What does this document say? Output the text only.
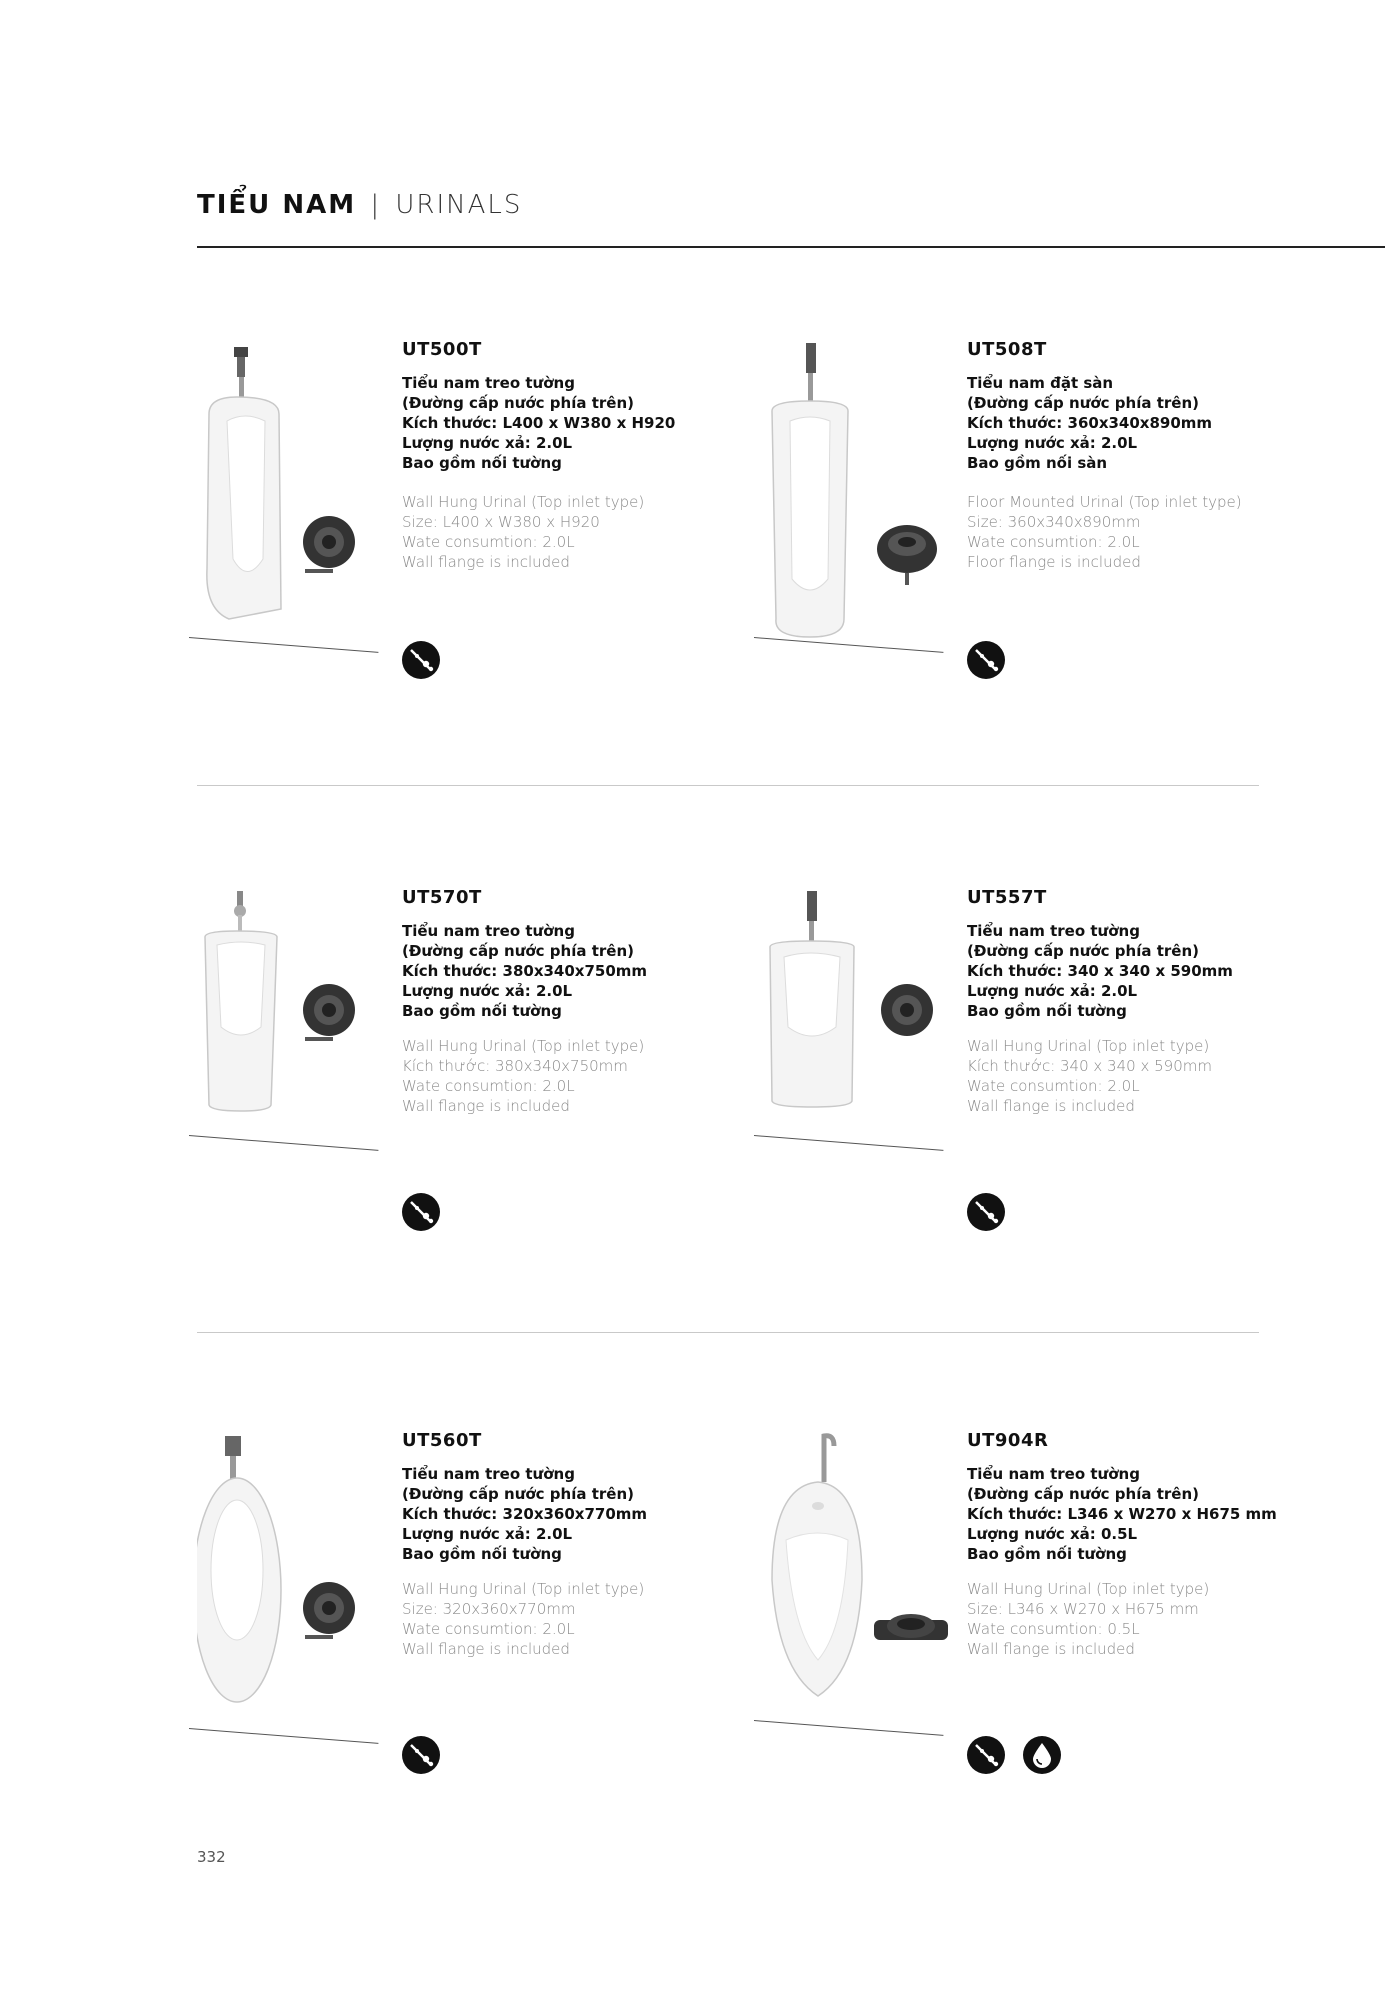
TIỂU NAM | URINALS
UT500T
Tiểu nam treo tường
(Đường cấp nước phía trên)
Kích thước: L400 x W380 x H920
Lượng nước xả: 2.0L
Bao gồm nối tường
Wall Hung Urinal (Top inlet type)
Size: L400 x W380 x H920
Wate consumtion: 2.0L
Wall flange is included
UT508T
Tiểu nam đặt sàn
(Đường cấp nước phía trên)
Kích thước: 360x340x890mm
Lượng nước xả: 2.0L
Bao gồm nối sàn
Floor Mounted Urinal (Top inlet type)
Size: 360x340x890mm
Wate consumtion: 2.0L
Floor flange is included
UT570T
Tiểu nam treo tường
(Đường cấp nước phía trên)
Kích thước: 380x340x750mm
Lượng nước xả: 2.0L
Bao gồm nối tường
Wall Hung Urinal (Top inlet type)
Kích thước: 380x340x750mm
Wate consumtion: 2.0L
Wall flange is included
UT557T
Tiểu nam treo tường
(Đường cấp nước phía trên)
Kích thước: 340 x 340 x 590mm
Lượng nước xả: 2.0L
Bao gồm nối tường
Wall Hung Urinal (Top inlet type)
Kích thước: 340 x 340 x 590mm
Wate consumtion: 2.0L
Wall flange is included
UT560T
Tiểu nam treo tường
(Đường cấp nước phía trên)
Kích thước: 320x360x770mm
Lượng nước xả: 2.0L
Bao gồm nối tường
Wall Hung Urinal (Top inlet type)
Size: 320x360x770mm
Wate consumtion: 2.0L
Wall flange is included
UT904R
Tiểu nam treo tường
(Đường cấp nước phía trên)
Kích thước: L346 x W270 x H675 mm
Lượng nước xả: 0.5L
Bao gồm nối tường
Wall Hung Urinal (Top inlet type)
Size: L346 x W270 x H675 mm
Wate consumtion: 0.5L
Wall flange is included
332
